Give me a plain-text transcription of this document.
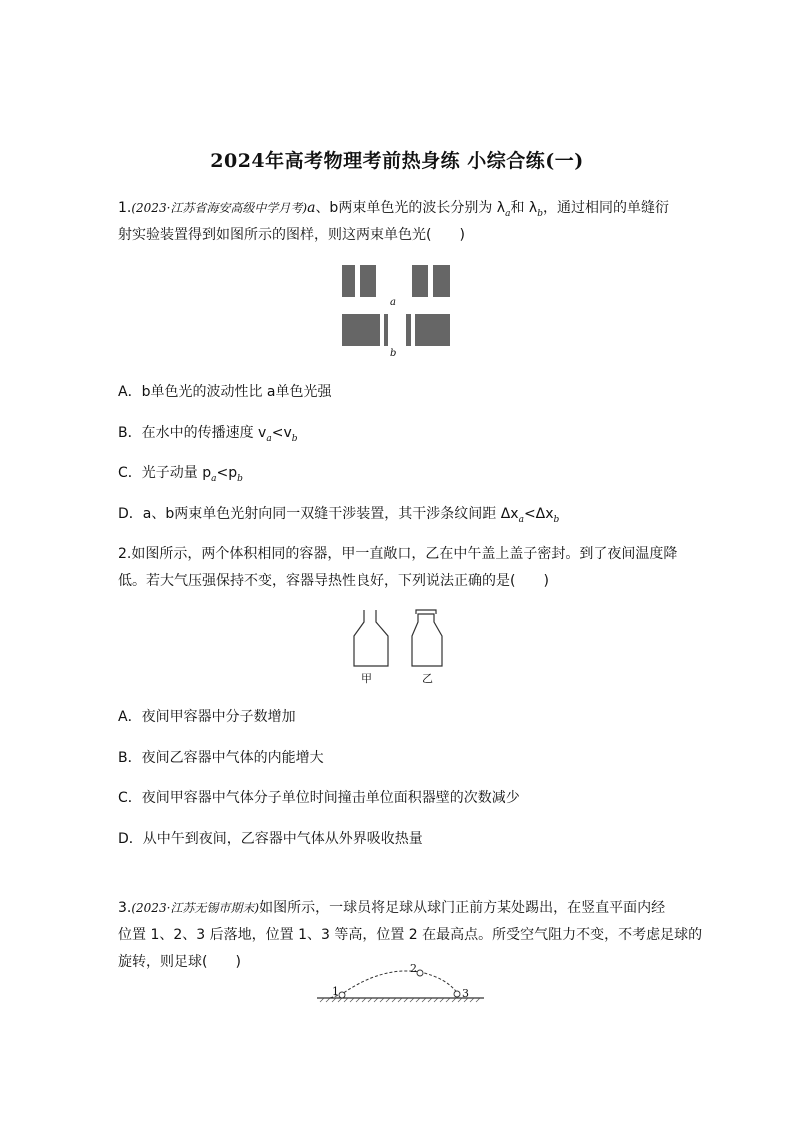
2024年高考物理考前热身练 小综合练(一)
1.(2023·江苏省海安高级中学月考)a、b两束单色光的波长分别为 $\lambda_a$和 $\lambda_b$，通过相同的单缝衍
射实验装置得到如图所示的图样，则这两束单色光(　　)
a
b
A．b单色光的波动性比 a单色光强
B．在水中的传播速度 $v_a<v_b$
C．光子动量 $p_a<p_b$
D．a、b两束单色光射向同一双缝干涉装置，其干涉条纹间距 $\Delta x_a<\Delta x_b$
2.如图所示，两个体积相同的容器，甲一直敞口，乙在中午盖上盖子密封。到了夜间温度降
低。若大气压强保持不变，容器导热性良好，下列说法正确的是(　　)
甲	乙
A．夜间甲容器中分子数增加
B．夜间乙容器中气体的内能增大
C．夜间甲容器中气体分子单位时间撞击单位面积器壁的次数减少
D．从中午到夜间，乙容器中气体从外界吸收热量
3.(2023·江苏无锡市期末)如图所示，一球员将足球从球门正前方某处踢出，在竖直平面内经
位置 1、2、3 后落地，位置 1、3 等高，位置 2 在最高点。所受空气阻力不变，不考虑足球的
旋转，则足球(　　)
1
2
3
